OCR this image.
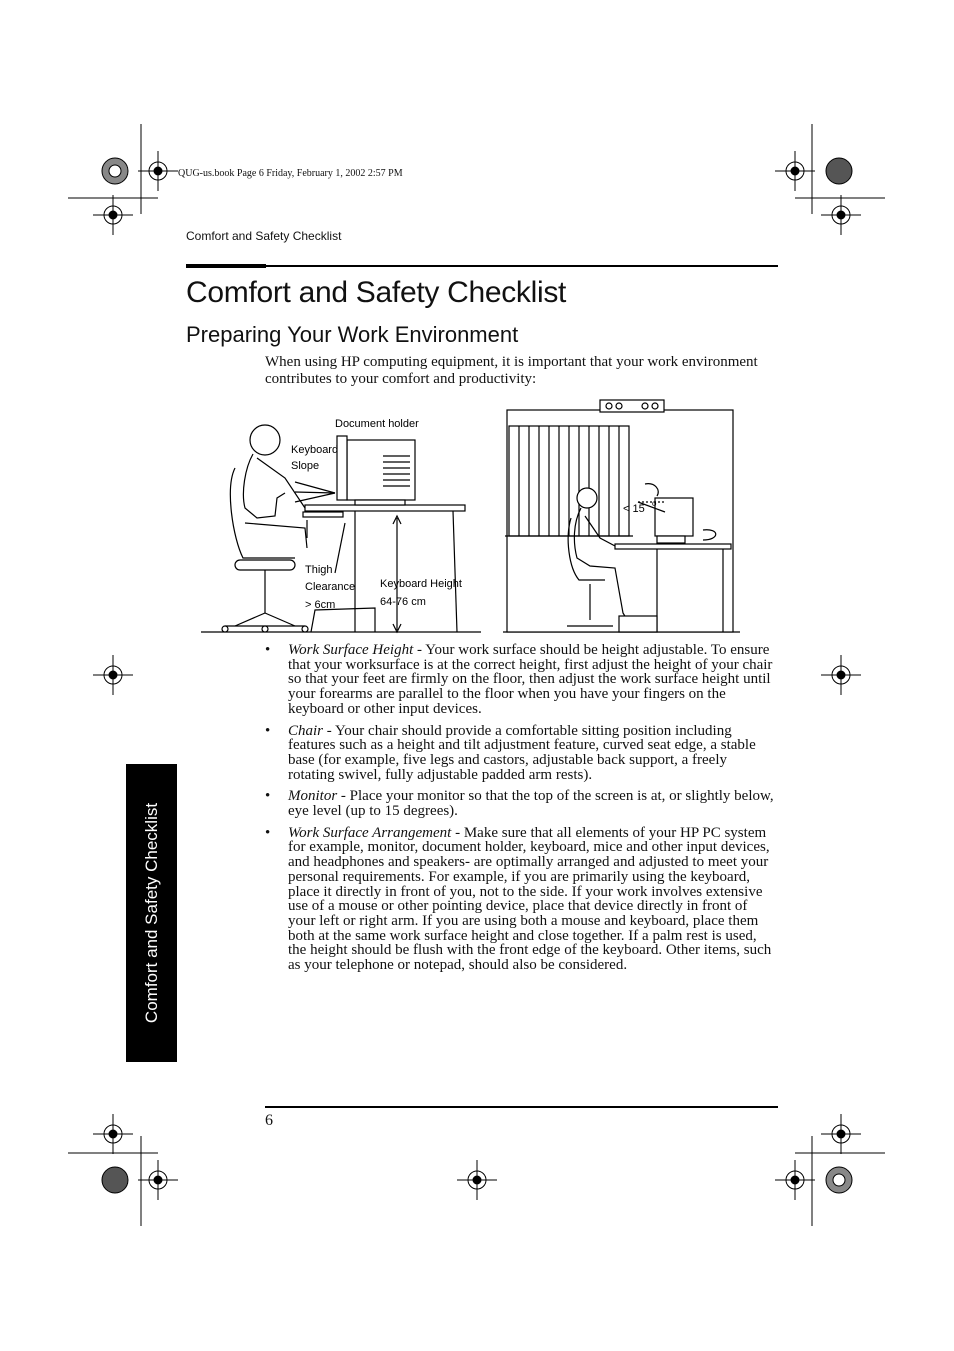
QUG-us.book Page 6 Friday, February 1, 2002 2:57 PM
Comfort and Safety Checklist
Comfort and Safety Checklist
Preparing Your Work Environment

When using HP computing equipment, it is important that your work environment contributes to your comfort and productivity:

Document holder
Keyboard
Slope
Thigh
Clearance
> 6cm
Keyboard Height
64-76 cm
< 15 o
• Work Surface Height - Your work surface should be height adjustable. To ensure that your worksurface is at the correct height, first adjust the height of your chair so that your feet are firmly on the floor, then adjust the work surface height until your forearms are parallel to the floor when you have your fingers on the keyboard or other input devices.
• Chair - Your chair should provide a comfortable sitting position including features such as a height and tilt adjustment feature, curved seat edge, a stable base (for example, five legs and castors, adjustable back support, a freely rotating swivel, fully adjustable padded arm rests).
• Monitor - Place your monitor so that the top of the screen is at, or slightly below, eye level (up to 15 degrees).
• Work Surface Arrangement - Make sure that all elements of your HP PC system for example, monitor, document holder, keyboard, mice and other input devices, and headphones and speakers- are optimally arranged and adjusted to meet your personal requirements. For example, if you are primarily using the keyboard, place it directly in front of you, not to the side. If your work involves extensive use of a mouse or other pointing device, place that device directly in front of your left or right arm. If you are using both a mouse and keyboard, place them both at the same work surface height and close together. If a palm rest is used, the height should be flush with the front edge of the keyboard. Other items, such as your telephone or notepad, should also be considered.
Comfort and Safety Checklist
6
